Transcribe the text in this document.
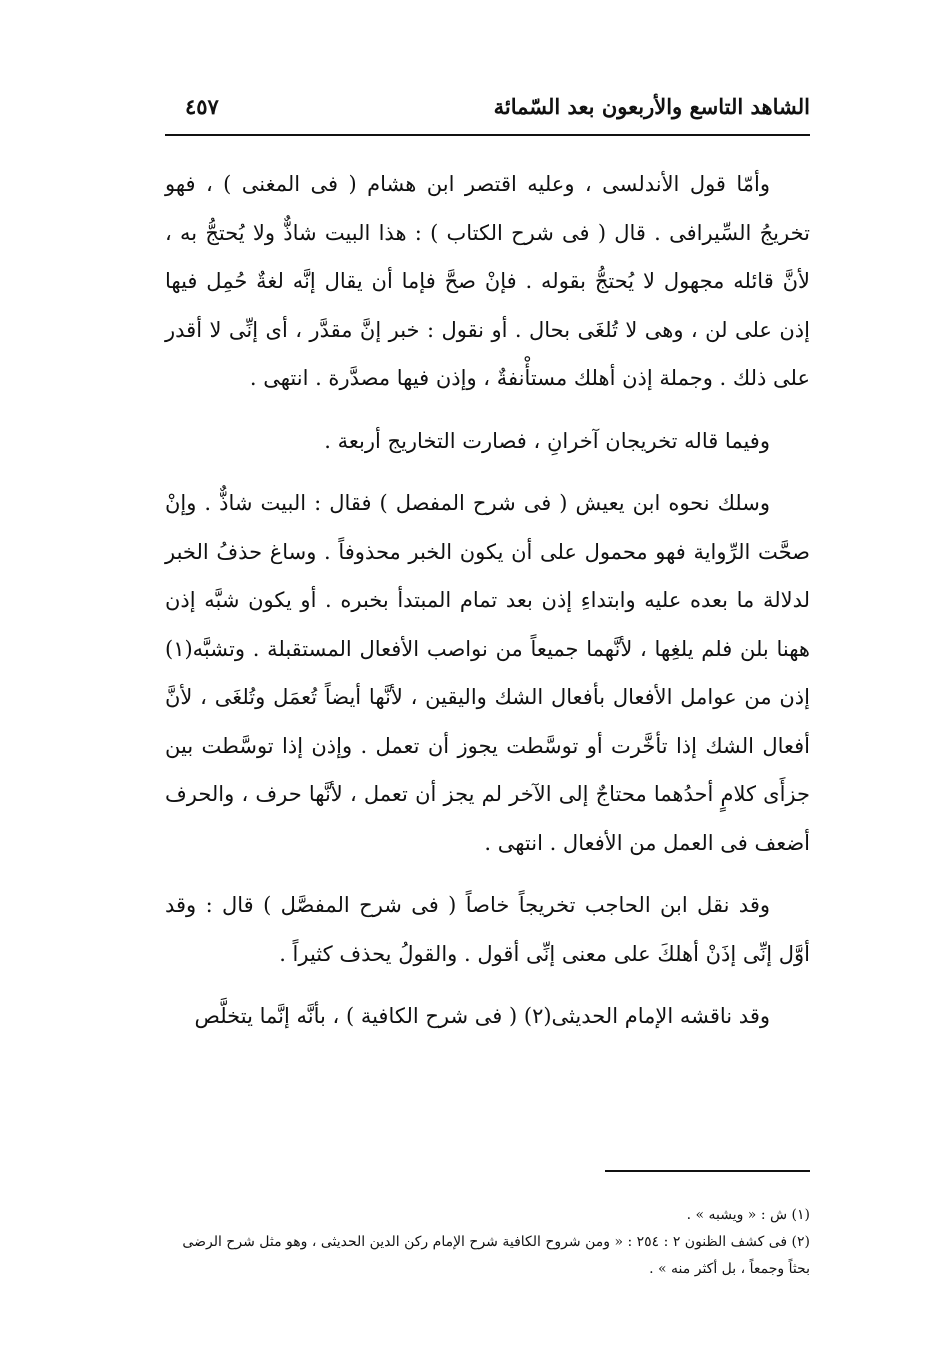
الشاهد التاسع والأربعون بعد السّمائة
٤٥٧

وأمّا قول الأندلسى ، وعليه اقتصر ابن هشام ( فى المغنى ) ، فهو تخريجُ السِّيرافى . قال ( فى شرح الكتاب ) : هذا البيت شاذٌّ ولا يُحتجُّ به ، لأنَّ قائله مجهول لا يُحتجُّ بقوله . فإنْ صحَّ فإما أن يقال إنَّه لغةٌ حُمِل فيها إذن على لن ، وهى لا تُلغَى بحال . أو نقول : خبر إنَّ مقدَّر ، أى إنِّى لا أقدر على ذلك . وجملة إذن أهلك مستأْنفةٌ ، وإذن فيها مصدَّرة . انتهى .

وفيما قاله تخريجان آخرانِ ، فصارت التخاريج أربعة .

وسلك نحوه ابن يعيش ( فى شرح المفصل ) فقال : البيت شاذٌّ . وإنْ صحَّت الرِّواية فهو محمول على أن يكون الخبر محذوفاً . وساغ حذفُ الخبر لدلالة ما بعده عليه وابتداءِ إذن بعد تمام المبتدأ بخبره . أو يكون شبَّه إذن ههنا بلن فلم يلغِها ، لأنَّهما جميعاً من نواصب الأفعال المستقبلة . وتشبَّه(١) إذن من عوامل الأفعال بأفعال الشك واليقين ، لأنَّها أيضاً تُعمَل وتُلغَى ، لأنَّ أفعال الشك إذا تأخَّرت أو توسَّطت يجوز أن تعمل . وإذن إذا توسَّطت بين جزأَى كلامٍ أحدُهما محتاجٌ إلى الآخر لم يجز أن تعمل ، لأنَّها حرف ، والحرف أضعف فى العمل من الأفعال . انتهى .

وقد نقل ابن الحاجب تخريجاً خاصاً ( فى شرح المفصَّل ) قال : وقد أوَّل إنِّى إذَنْ أهلكَ على معنى إنِّى أقول . والقولُ يحذف كثيراً .

وقد ناقشه الإمام الحديثى(٢) ( فى شرح الكافية ) ، بأنَّه إنَّما يتخلَّص

(١) ش : « ويشبه » .

(٢) فى كشف الظنون ٢ : ٢٥٤ : « ومن شروح الكافية شرح الإمام ركن الدين الحديثى ، وهو مثل شرح الرضى بحثاً وجمعاً ، بل أكثر منه » .
